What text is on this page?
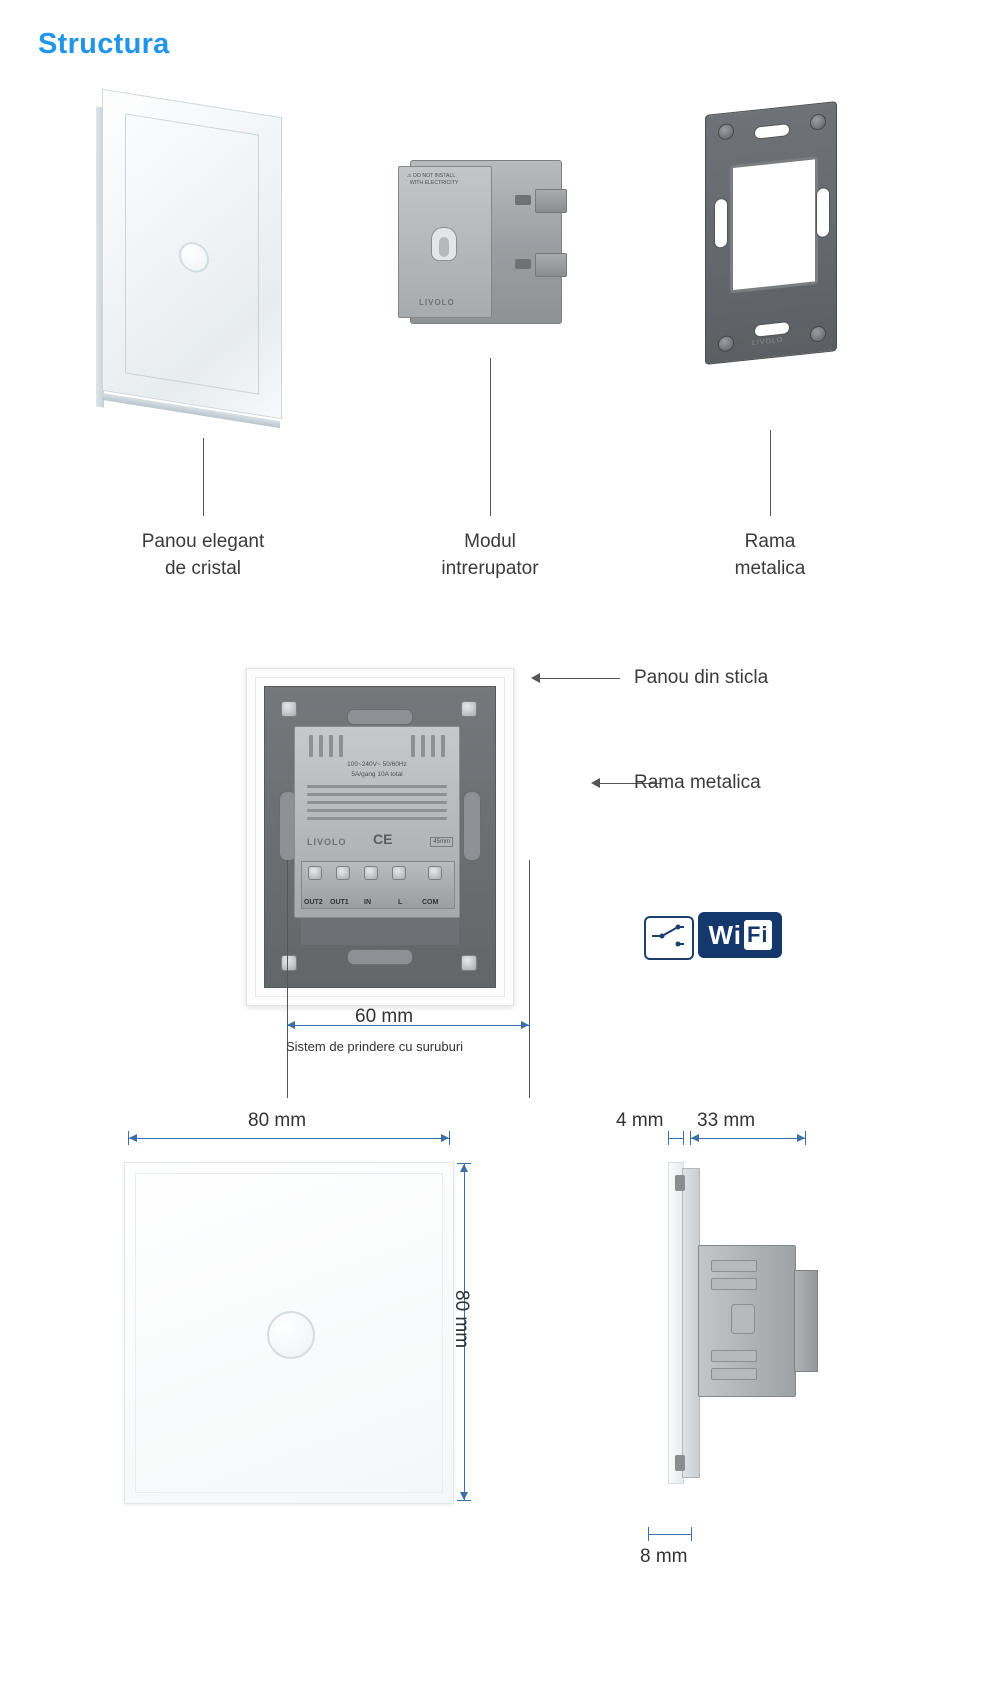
Structura
Panou elegant
de cristal
⚠ DO NOT INSTALL
WITH ELECTRICITY
LIVOLO
Modul
intrerupator
LIVOLO
Rama
metalica
100~240V~ 50/60Hz
5A/gang 10A total
LIVOLO CE	45mm
OUT2 OUT1 IN	L	COM
Panou din sticla
Rama metalica
60 mm
Sistem de prindere cu suruburi
Wi Fi
80 mm
80 mm
4 mm 33 mm
8 mm
